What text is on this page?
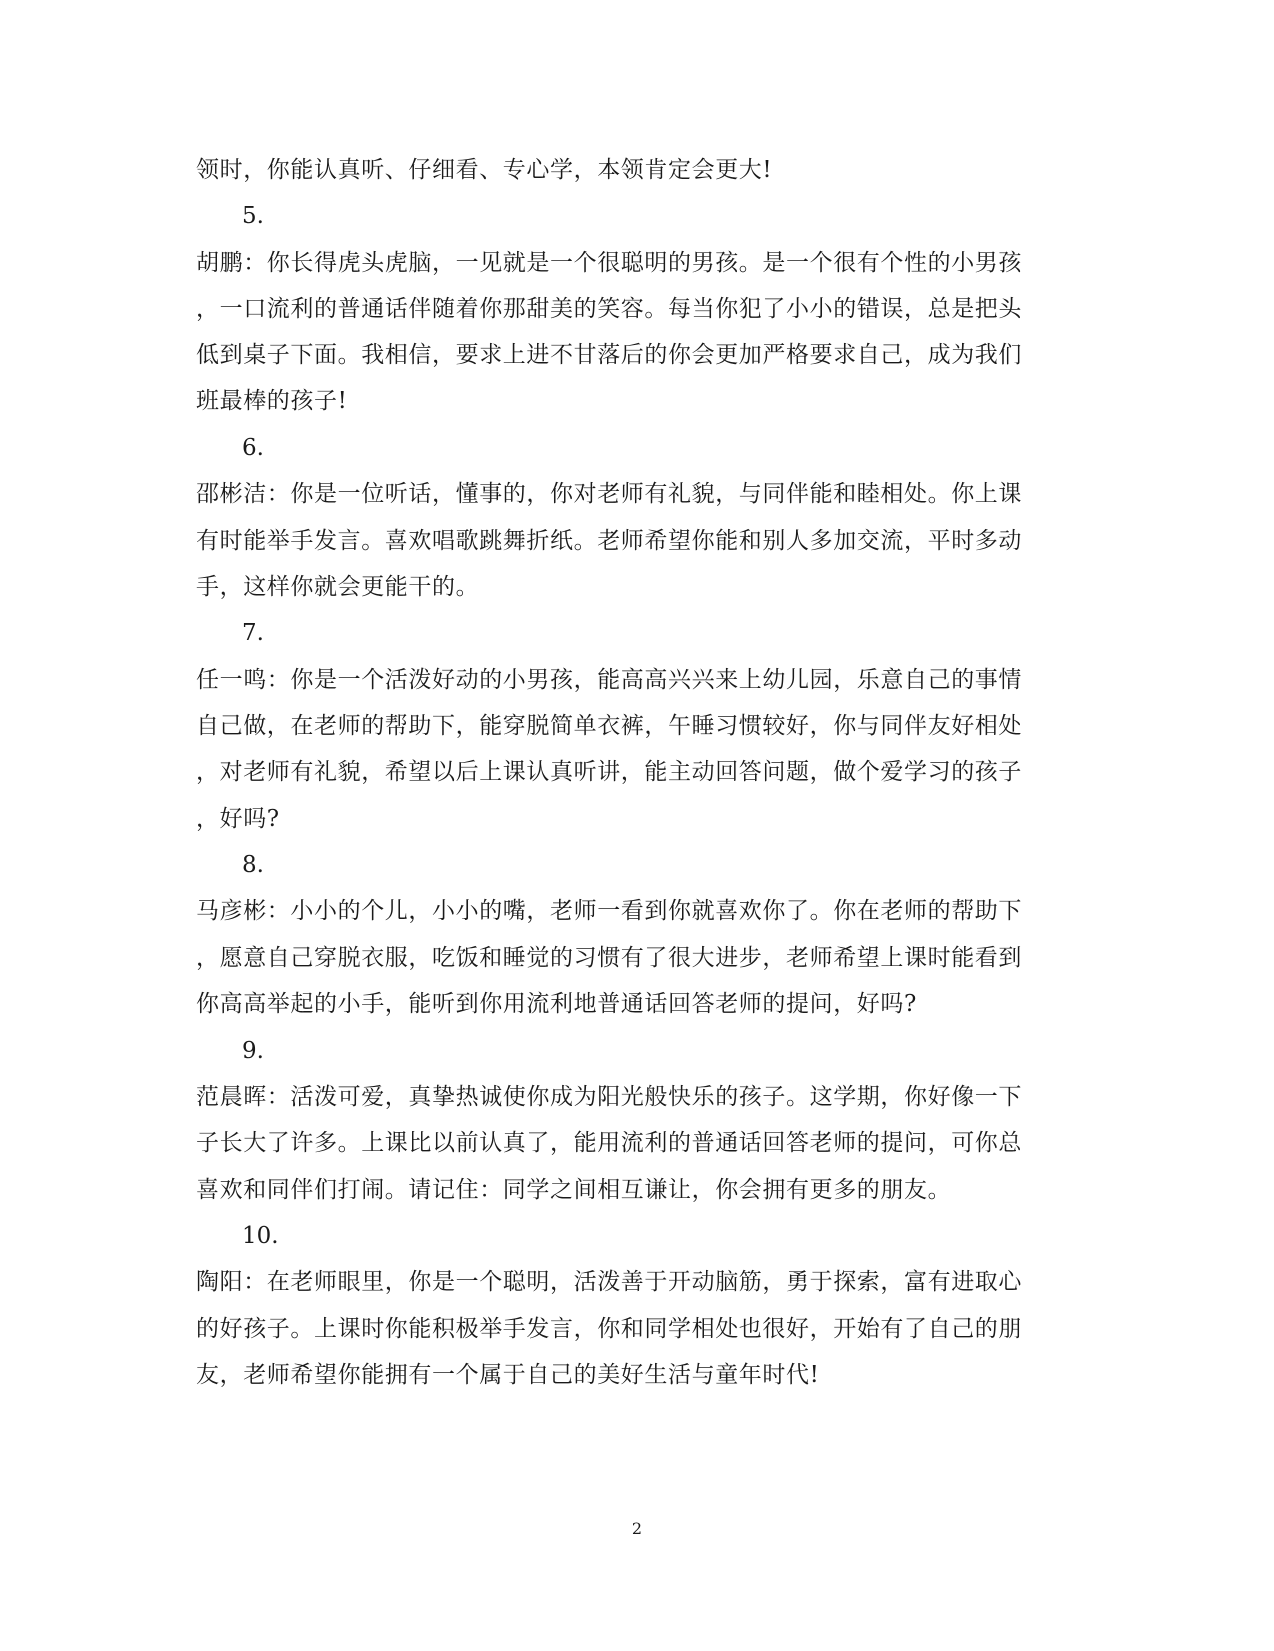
领时，你能认真听、仔细看、专心学，本领肯定会更大!
5.
胡鹏：你长得虎头虎脑，一见就是一个很聪明的男孩。是一个很有个性的小男孩
，一口流利的普通话伴随着你那甜美的笑容。每当你犯了小小的错误，总是把头
低到桌子下面。我相信，要求上进不甘落后的你会更加严格要求自己，成为我们
班最棒的孩子!
6.
邵彬洁：你是一位听话，懂事的，你对老师有礼貌，与同伴能和睦相处。你上课
有时能举手发言。喜欢唱歌跳舞折纸。老师希望你能和别人多加交流，平时多动
手，这样你就会更能干的。
7.
任一鸣：你是一个活泼好动的小男孩，能高高兴兴来上幼儿园，乐意自己的事情
自己做，在老师的帮助下，能穿脱简单衣裤，午睡习惯较好，你与同伴友好相处
，对老师有礼貌，希望以后上课认真听讲，能主动回答问题，做个爱学习的孩子
，好吗?
8.
马彦彬：小小的个儿，小小的嘴，老师一看到你就喜欢你了。你在老师的帮助下
，愿意自己穿脱衣服，吃饭和睡觉的习惯有了很大进步，老师希望上课时能看到
你高高举起的小手，能听到你用流利地普通话回答老师的提问，好吗?
9.
范晨晖：活泼可爱，真挚热诚使你成为阳光般快乐的孩子。这学期，你好像一下
子长大了许多。上课比以前认真了，能用流利的普通话回答老师的提问，可你总
喜欢和同伴们打闹。请记住：同学之间相互谦让，你会拥有更多的朋友。
10.
陶阳：在老师眼里，你是一个聪明，活泼善于开动脑筋，勇于探索，富有进取心
的好孩子。上课时你能积极举手发言，你和同学相处也很好，开始有了自己的朋
友，老师希望你能拥有一个属于自己的美好生活与童年时代!
2
